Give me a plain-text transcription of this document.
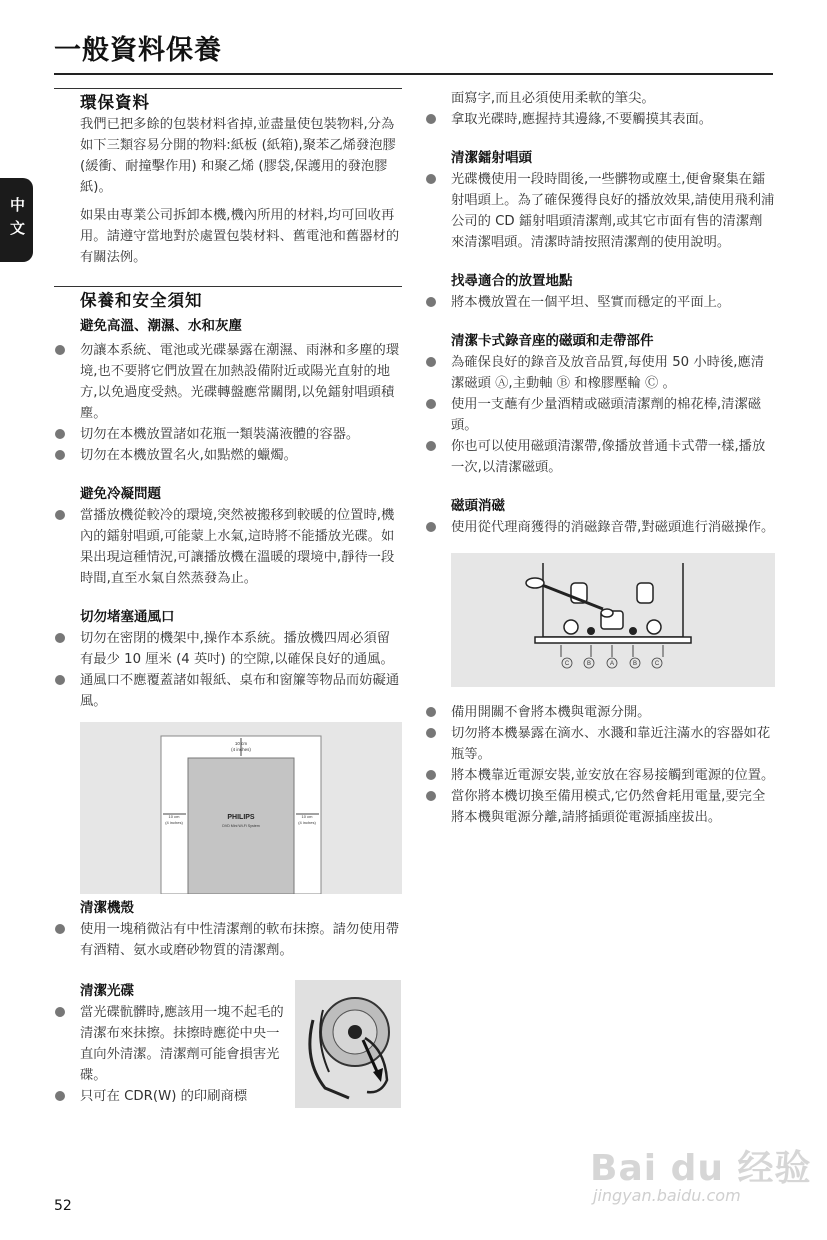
一般資料保養
中文
環保資料

我們已把多餘的包裝材料省掉,並盡量使包裝物料,分為如下三類容易分開的物料:紙板 (紙箱),聚苯乙烯發泡膠 (緩衝、耐撞擊作用) 和聚乙烯 (膠袋,保護用的發泡膠紙)。

如果由專業公司拆卸本機,機內所用的材料,均可回收再用。請遵守當地對於處置包裝材料、舊電池和舊器材的有關法例。

保養和安全須知
避免高溫、潮濕、水和灰塵
勿讓本系統、電池或光碟暴露在潮濕、雨淋和多塵的環境,也不要將它們放置在加熱設備附近或陽光直射的地方,以免過度受熱。光碟轉盤應常關閉,以免鐳射唱頭積塵。
切勿在本機放置諸如花瓶一類裝滿液體的容器。
切勿在本機放置名火,如點燃的蠟燭。
避免冷凝問題
當播放機從較冷的環境,突然被搬移到較暖的位置時,機內的鐳射唱頭,可能蒙上水氣,這時將不能播放光碟。如果出現這種情況,可讓播放機在溫暖的環境中,靜待一段時間,直至水氣自然蒸發為止。
切勿堵塞通風口
切勿在密閉的機架中,操作本系統。播放機四周必須留有最少 10 厘米 (4 英吋) 的空隙,以確保良好的通風。
通風口不應覆蓋諸如報紙、桌布和窗簾等物品而妨礙通風。
10 cm
(4 inches)
10 cm
(4 inches)
10 cm
(4 inches)
PHILIPS
DVD Mini Wi-Fi System
清潔機殼
使用一塊稍微沾有中性清潔劑的軟布抹擦。請勿使用帶有酒精、氨水或磨砂物質的清潔劑。
清潔光碟
當光碟骯髒時,應該用一塊不起毛的清潔布來抹擦。抹擦時應從中央一直向外清潔。清潔劑可能會損害光碟。
只可在 CDR(W) 的印刷商標

面寫字,而且必須使用柔軟的筆尖。

拿取光碟時,應握持其邊緣,不要觸摸其表面。
清潔鐳射唱頭
光碟機使用一段時間後,一些髒物或塵土,便會聚集在鐳射唱頭上。為了確保獲得良好的播放效果,請使用飛利浦公司的 CD 鐳射唱頭清潔劑,或其它市面有售的清潔劑來清潔唱頭。清潔時請按照清潔劑的使用說明。
找尋適合的放置地點
將本機放置在一個平坦、堅實而穩定的平面上。
清潔卡式錄音座的磁頭和走帶部件
為確保良好的錄音及放音品質,每使用 50 小時後,應清潔磁頭 Ⓐ,主動軸 Ⓑ 和橡膠壓輪 Ⓒ 。
使用一支蘸有少量酒精或磁頭清潔劑的棉花棒,清潔磁頭。
你也可以使用磁頭清潔帶,像播放普通卡式帶一樣,播放一次,以清潔磁頭。
磁頭消磁
使用從代理商獲得的消磁錄音帶,對磁頭進行消磁操作。
C	B	A	B	C
備用開關不會將本機與電源分開。
切勿將本機暴露在滴水、水濺和靠近注滿水的容器如花瓶等。
將本機靠近電源安裝,並安放在容易接觸到電源的位置。
當你將本機切換至備用模式,它仍然會耗用電量,要完全將本機與電源分離,請將插頭從電源插座拔出。

Bai du 经验

jingyan.baidu.com

52
